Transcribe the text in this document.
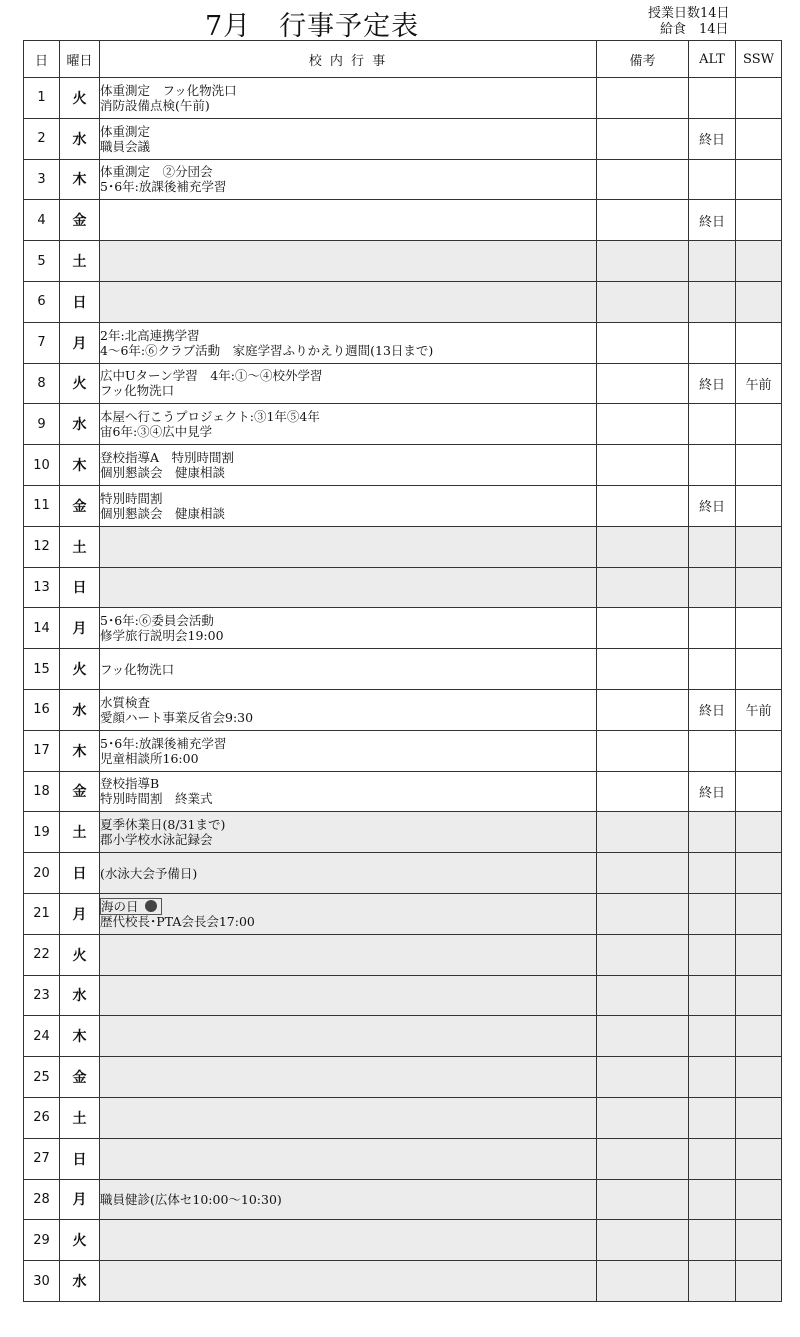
7月　行事予定表	授業日数14日
給食　14日
日	曜日	校 内 行 事	備考	ALT	SSW
1	火	体重測定　フッ化物洗口
消防設備点検(午前)			

2	水	体重測定
職員会議		終日	
3	木	体重測定　②分団会
5･6年:放課後補充学習			

4	金			終日	
5	土				
6	日				
7	月	2年:北高連携学習
4～6年:⑥クラブ活動　家庭学習ふりかえり週間(13日まで)			

8	火	広中Uターン学習　4年:①～④校外学習
フッ化物洗口		終日	午前
9	水	本屋へ行こうプロジェクト:③1年⑤4年
宙6年:③④広中見学			

10	木	登校指導A　特別時間割
個別懇談会　健康相談			

11	金	特別時間割
個別懇談会　健康相談		終日	
12	土				
13	日				
14	月	5･6年:⑥委員会活動
修学旅行説明会19:00			

15	火	フッ化物洗口			

16	水	水質検査
愛顔ハート事業反省会9:30		終日	午前
17	木	5･6年:放課後補充学習
児童相談所16:00			

18	金	登校指導B
特別時間割　終業式		終日	
19	土	夏季休業日(8/31まで)
郡小学校水泳記録会			

20	日	(水泳大会予備日)			

21	月	海の日
歴代校長･PTA会長会17:00			

22	火				
23	水				
24	木				
25	金				
26	土				
27	日				
28	月	職員健診(広体セ10:00～10:30)			

29	火				
30	水				
